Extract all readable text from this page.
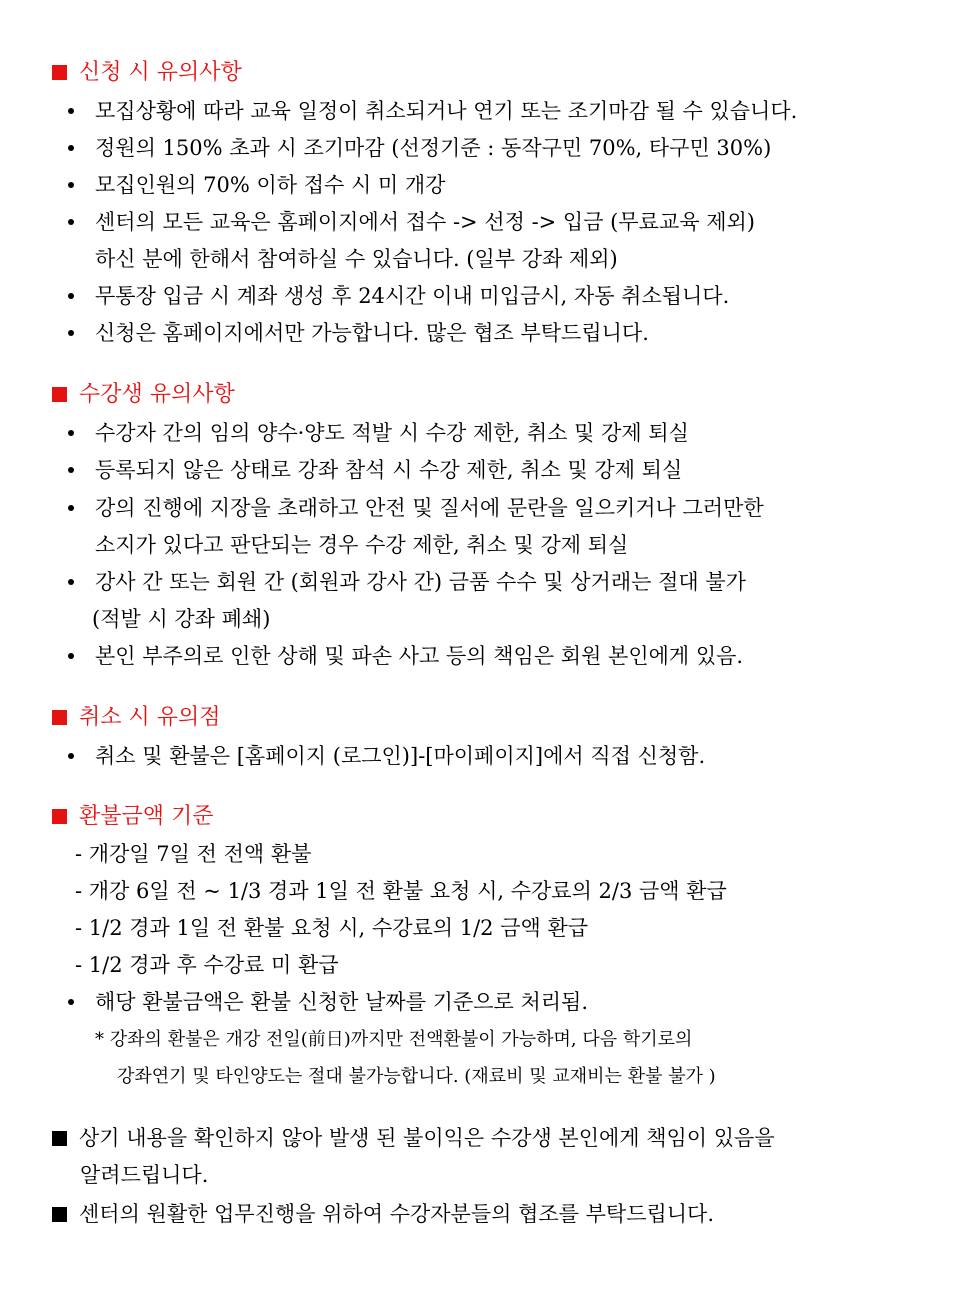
신청 시 유의사항
모집상황에 따라 교육 일정이 취소되거나 연기 또는 조기마감 될 수 있습니다.
정원의 150% 초과 시 조기마감 (선정기준 : 동작구민 70%, 타구민 30%)
모집인원의 70% 이하 접수 시 미 개강
센터의 모든 교육은 홈페이지에서 접수 -> 선정 -> 입금 (무료교육 제외)
하신 분에 한해서 참여하실 수 있습니다. (일부 강좌 제외)
무통장 입금 시 계좌 생성 후 24시간 이내 미입금시, 자동 취소됩니다.
신청은 홈페이지에서만 가능합니다. 많은 협조 부탁드립니다.
수강생 유의사항
수강자 간의 임의 양수·양도 적발 시 수강 제한, 취소 및 강제 퇴실
등록되지 않은 상태로 강좌 참석 시 수강 제한, 취소 및 강제 퇴실
강의 진행에 지장을 초래하고 안전 및 질서에 문란을 일으키거나 그러만한
소지가 있다고 판단되는 경우 수강 제한, 취소 및 강제 퇴실
강사 간 또는 회원 간 (회원과 강사 간) 금품 수수 및 상거래는 절대 불가
(적발 시 강좌 폐쇄)
본인 부주의로 인한 상해 및 파손 사고 등의 책임은 회원 본인에게 있음.
취소 시 유의점
취소 및 환불은 [홈페이지 (로그인)]-[마이페이지]에서 직접 신청함.
환불금액 기준
- 개강일 7일 전 전액 환불
- 개강 6일 전 ~ 1/3 경과 1일 전 환불 요청 시, 수강료의 2/3 금액 환급
- 1/2 경과 1일 전 환불 요청 시, 수강료의 1/2 금액 환급
- 1/2 경과 후 수강료 미 환급
해당 환불금액은 환불 신청한 날짜를 기준으로 처리됨.
* 강좌의 환불은 개강 전일(前日)까지만 전액환불이 가능하며, 다음 학기로의
강좌연기 및 타인양도는 절대 불가능합니다. (재료비 및 교재비는 환불 불가 )
상기 내용을 확인하지 않아 발생 된 불이익은 수강생 본인에게 책임이 있음을
알려드립니다.
센터의 원활한 업무진행을 위하여 수강자분들의 협조를 부탁드립니다.
